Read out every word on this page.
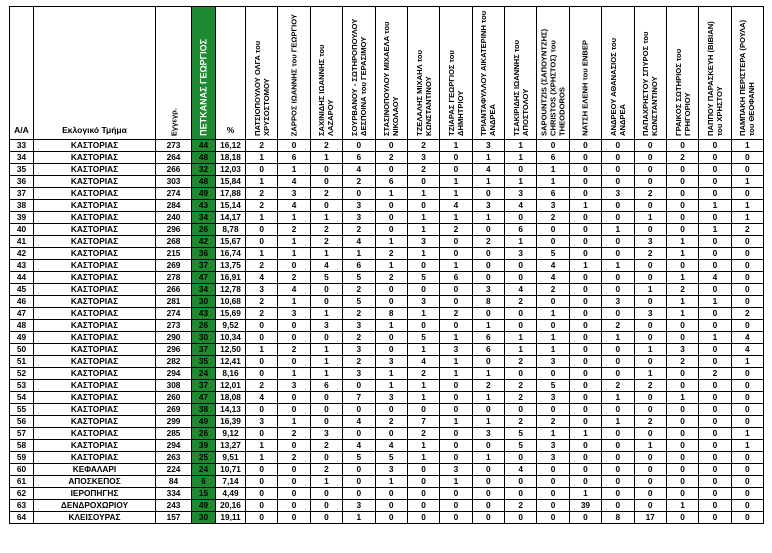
Α/Α	Εκλογικό Τμήμα	Εγγεγρ.	ΠΕΤΚΑΝΑΣ ΓΕΩΡΓΙΟΣ	%	ΠΑΤΣΙΟΠΟΥΛΟΥ ΟΛΓΑ του ΧΡΥΣΟΣΤΟΜΟΥ	ΖΑΡΡΟΣ ΙΩΑΝΝΗΣ του ΓΕΩΡΓΙΟΥ	ΣΑΧΙΝΙΔΗΣ ΙΩΑΝΝΗΣ του ΛΑΖΑΡΟΥ	ΣΟΥΡΒΑΝΟΥ - ΣΩΤΗΡΟΠΟΥΛΟΥ ΔΕΣΠΟΙΝΑ του ΓΕΡΑΣΙΜΟΥ	ΣΤΑΣΙΝΟΠΟΥΛΟΥ ΜΙΧΑΕΛΑ του ΝΙΚΟΛΑΟΥ	ΤΖΕΛΑΛΗΣ ΜΙΧΑΗΛ του ΚΩΝΣΤΑΝΤΙΝΟΥ	ΤΖΙΑΡΑΣ ΓΕΩΡΓΙΟΣ του ΔΗΜΗΤΡΙΟΥ	ΤΡΙΑΝΤΑΦΥΛΛΟΥ ΑΙΚΑΤΕΡΙΝΗ του ΑΝΔΡΕΑ	ΤΣΑΚΙΡΙΔΗΣ ΙΩΑΝΝΗΣ του ΑΠΟΣΤΟΛΟΥ	SAPOUNTZIS (ΣΑΠΟΥΝΤΖΗΣ) CHRISTOS (ΧΡΗΣΤΟΣ) του THEODOROS	ΝΑΤΣΗ ΕΛΕΝΗ του ΕΝΒΕΡ	ΑΝΔΡΕΟΥ ΑΘΑΝΑΣΙΟΣ του ΑΝΔΡΕΑ	ΠΑΠΑΧΡΗΣΤΟΥ ΣΠΥΡΟΣ του ΚΩΝΣΤΑΝΤΙΝΟΥ	ΓΡΑΙΚΟΣ ΣΩΤΗΡΙΟΣ του ΓΡΗΓΟΡΙΟΥ	ΠΑΠΠΟΥ ΠΑΡΑΣΚΕΥΗ (ΒΙΒΙΑΝ) του ΧΡΗΣΤΟΥ	ΠΑΜΠΑΚΗ ΠΕΡΙΣΤΕΡΑ (ΡΟΥΛΑ) του ΘΕΟΦΑΝΗ

33	ΚΑΣΤΟΡΙΑΣ	273	44	16,12	2	0	2	0	0	2	1	3	1	0	0	0	0	0	0	1
34	ΚΑΣΤΟΡΙΑΣ	264	48	18,18	1	6	1	6	2	3	0	1	1	6	0	0	0	2	0	0
35	ΚΑΣΤΟΡΙΑΣ	266	32	12,03	0	1	0	4	0	2	0	4	0	1	0	0	0	0	0	0
36	ΚΑΣΤΟΡΙΑΣ	303	48	15,84	1	4	0	2	6	0	1	1	1	1	0	0	0	0	0	1
37	ΚΑΣΤΟΡΙΑΣ	274	49	17,88	2	3	2	0	1	1	1	0	3	6	0	3	2	0	0	0
38	ΚΑΣΤΟΡΙΑΣ	284	43	15,14	2	4	0	3	0	0	4	3	4	3	1	0	0	0	1	1
39	ΚΑΣΤΟΡΙΑΣ	240	34	14,17	1	1	1	3	0	1	1	1	0	2	0	0	1	0	0	1
40	ΚΑΣΤΟΡΙΑΣ	296	26	8,78	0	2	2	2	0	1	2	0	6	0	0	1	0	0	1	2
41	ΚΑΣΤΟΡΙΑΣ	268	42	15,67	0	1	2	4	1	3	0	2	1	0	0	0	3	1	0	0
42	ΚΑΣΤΟΡΙΑΣ	215	36	16,74	1	1	1	1	2	1	0	0	3	5	0	0	2	1	0	0
43	ΚΑΣΤΟΡΙΑΣ	269	37	13,75	2	0	4	6	1	0	1	0	0	4	1	1	0	0	0	0
44	ΚΑΣΤΟΡΙΑΣ	278	47	16,91	4	2	5	5	2	5	6	0	0	4	0	0	0	1	4	0
45	ΚΑΣΤΟΡΙΑΣ	266	34	12,78	3	4	0	2	0	0	0	3	4	2	0	0	1	2	0	0
46	ΚΑΣΤΟΡΙΑΣ	281	30	10,68	2	1	0	5	0	3	0	8	2	0	0	3	0	1	1	0
47	ΚΑΣΤΟΡΙΑΣ	274	43	15,69	2	3	1	2	8	1	2	0	0	1	0	0	3	1	0	2
48	ΚΑΣΤΟΡΙΑΣ	273	26	9,52	0	0	3	3	1	0	0	1	0	0	0	2	0	0	0	0
49	ΚΑΣΤΟΡΙΑΣ	290	30	10,34	0	0	0	2	0	5	1	6	1	1	0	1	0	0	1	4
50	ΚΑΣΤΟΡΙΑΣ	296	37	12,50	1	2	1	3	0	1	3	6	1	1	0	0	1	3	0	4
51	ΚΑΣΤΟΡΙΑΣ	282	35	12,41	0	0	1	2	3	4	1	0	2	3	0	0	0	2	0	1
52	ΚΑΣΤΟΡΙΑΣ	294	24	8,16	0	1	1	3	1	2	1	1	0	0	0	0	1	0	2	0
53	ΚΑΣΤΟΡΙΑΣ	308	37	12,01	2	3	6	0	1	1	0	2	2	5	0	2	2	0	0	0
54	ΚΑΣΤΟΡΙΑΣ	260	47	18,08	4	0	0	7	3	1	0	1	2	3	0	1	0	1	0	0
55	ΚΑΣΤΟΡΙΑΣ	269	38	14,13	0	0	0	0	0	0	0	0	0	0	0	0	0	0	0	0
56	ΚΑΣΤΟΡΙΑΣ	299	49	16,39	3	1	0	4	2	7	1	1	2	2	0	1	2	0	0	0
57	ΚΑΣΤΟΡΙΑΣ	285	26	9,12	0	2	3	0	0	2	0	3	5	1	1	0	0	0	0	1
58	ΚΑΣΤΟΡΙΑΣ	294	39	13,27	1	0	2	4	4	1	0	0	5	3	0	0	1	0	0	1
59	ΚΑΣΤΟΡΙΑΣ	263	25	9,51	1	2	0	5	5	1	0	1	0	3	0	0	0	0	0	0
60	ΚΕΦΑΛΑΡΙ	224	24	10,71	0	0	2	0	3	0	3	0	4	0	0	0	0	0	0	0
61	ΑΠΟΣΚΕΠΟΣ	84	6	7,14	0	0	1	0	1	0	1	0	0	0	0	0	0	0	0	0
62	ΙΕΡΟΠΗΓΗΣ	334	15	4,49	0	0	0	0	0	0	0	0	0	0	1	0	0	0	0	0
63	ΔΕΝΔΡΟΧΩΡΙΟΥ	243	49	20,16	0	0	0	3	0	0	0	0	2	0	39	0	0	1	0	0
64	ΚΛΕΙΣΟΥΡΑΣ	157	30	19,11	0	0	0	1	0	0	0	0	0	0	0	8	17	0	0	0
